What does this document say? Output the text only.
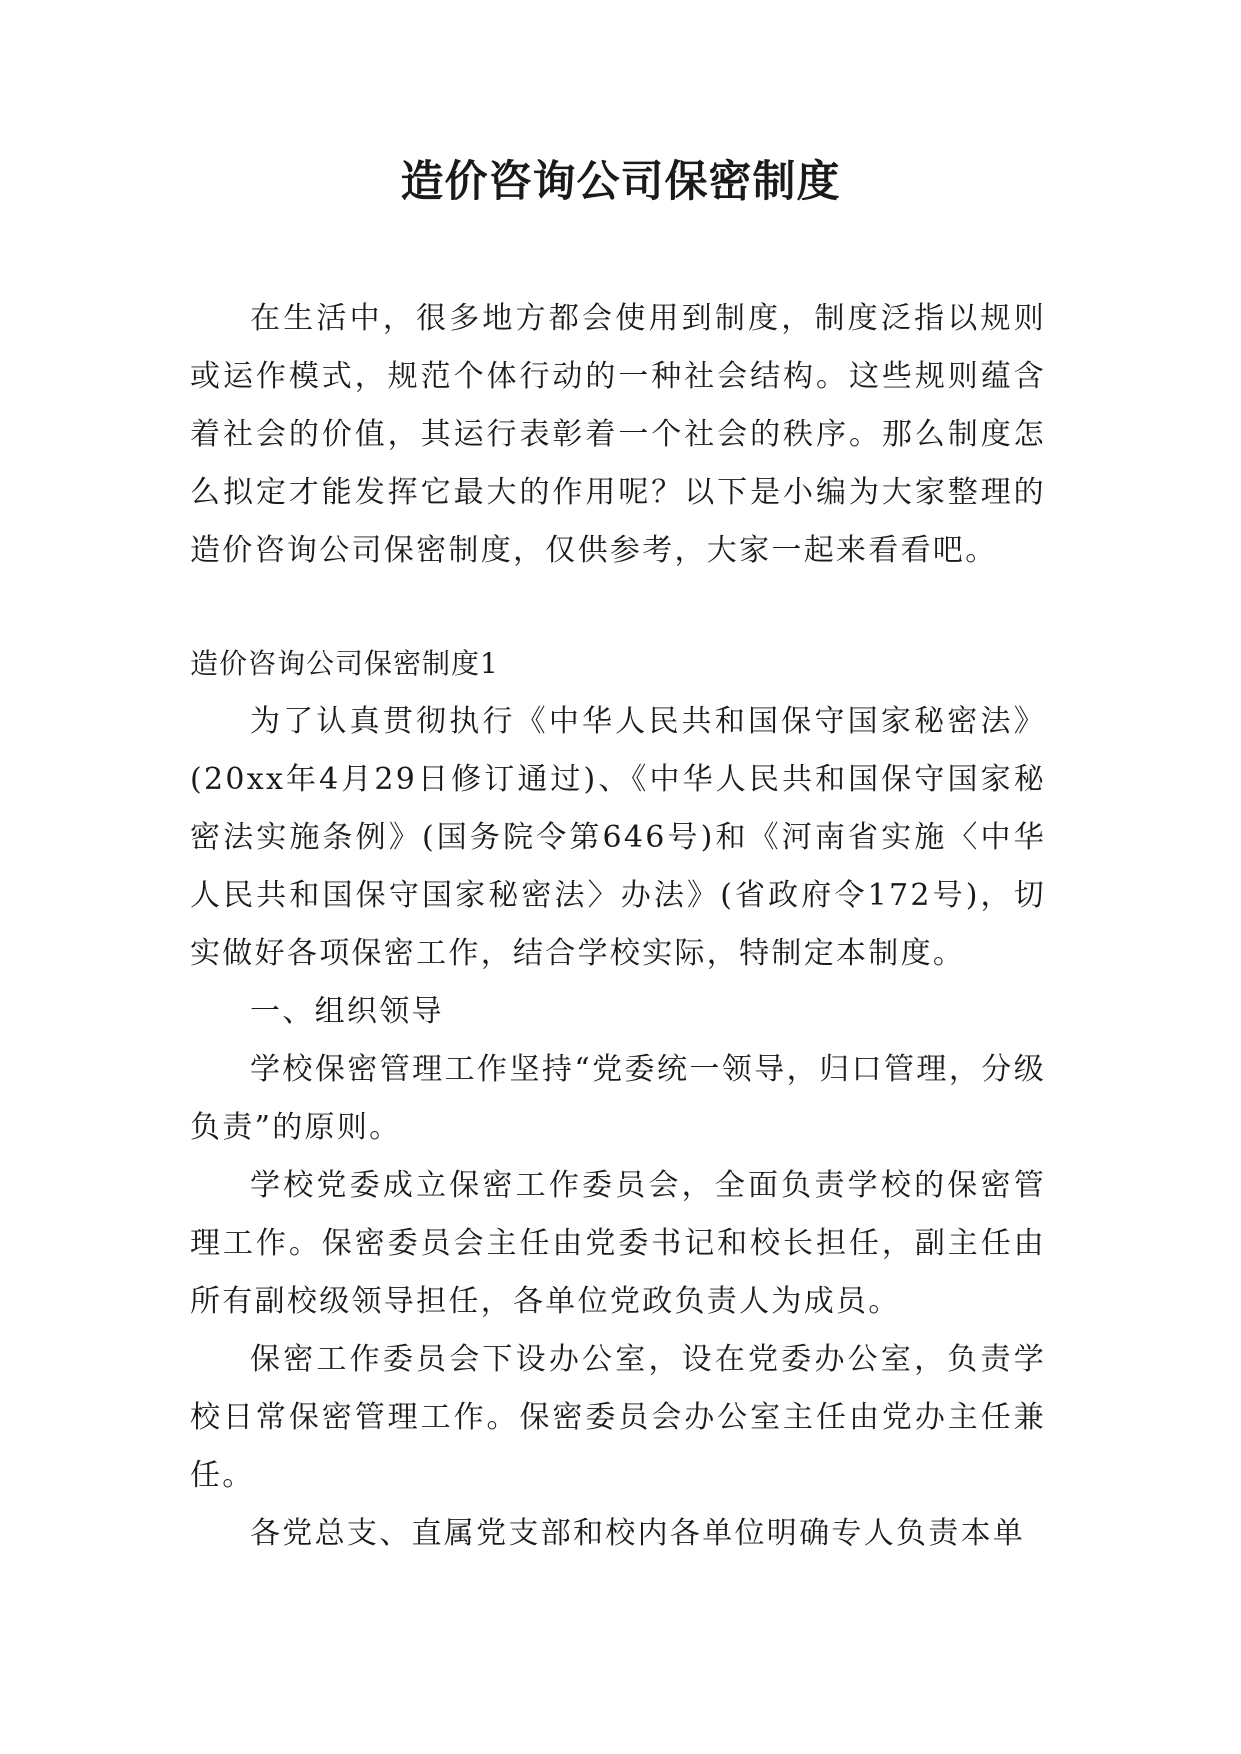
造价咨询公司保密制度

在生活中，很多地方都会使用到制度，制度泛指以规则或运作模式，规范个体行动的一种社会结构。这些规则蕴含着社会的价值，其运行表彰着一个社会的秩序。那么制度怎么拟定才能发挥它最大的作用呢？以下是小编为大家整理的造价咨询公司保密制度，仅供参考，大家一起来看看吧。

造价咨询公司保密制度1

为了认真贯彻执行《中华人民共和国保守国家秘密法》(20xx年4月29日修订通过)、《中华人民共和国保守国家秘密法实施条例》(国务院令第646号)和《河南省实施〈中华人民共和国保守国家秘密法〉办法》(省政府令172号)，切实做好各项保密工作，结合学校实际，特制定本制度。

一、组织领导

学校保密管理工作坚持“党委统一领导，归口管理，分级负责”的原则。

学校党委成立保密工作委员会，全面负责学校的保密管理工作。保密委员会主任由党委书记和校长担任，副主任由所有副校级领导担任，各单位党政负责人为成员。

保密工作委员会下设办公室，设在党委办公室，负责学校日常保密管理工作。保密委员会办公室主任由党办主任兼任。

各党总支、直属党支部和校内各单位明确专人负责本单
